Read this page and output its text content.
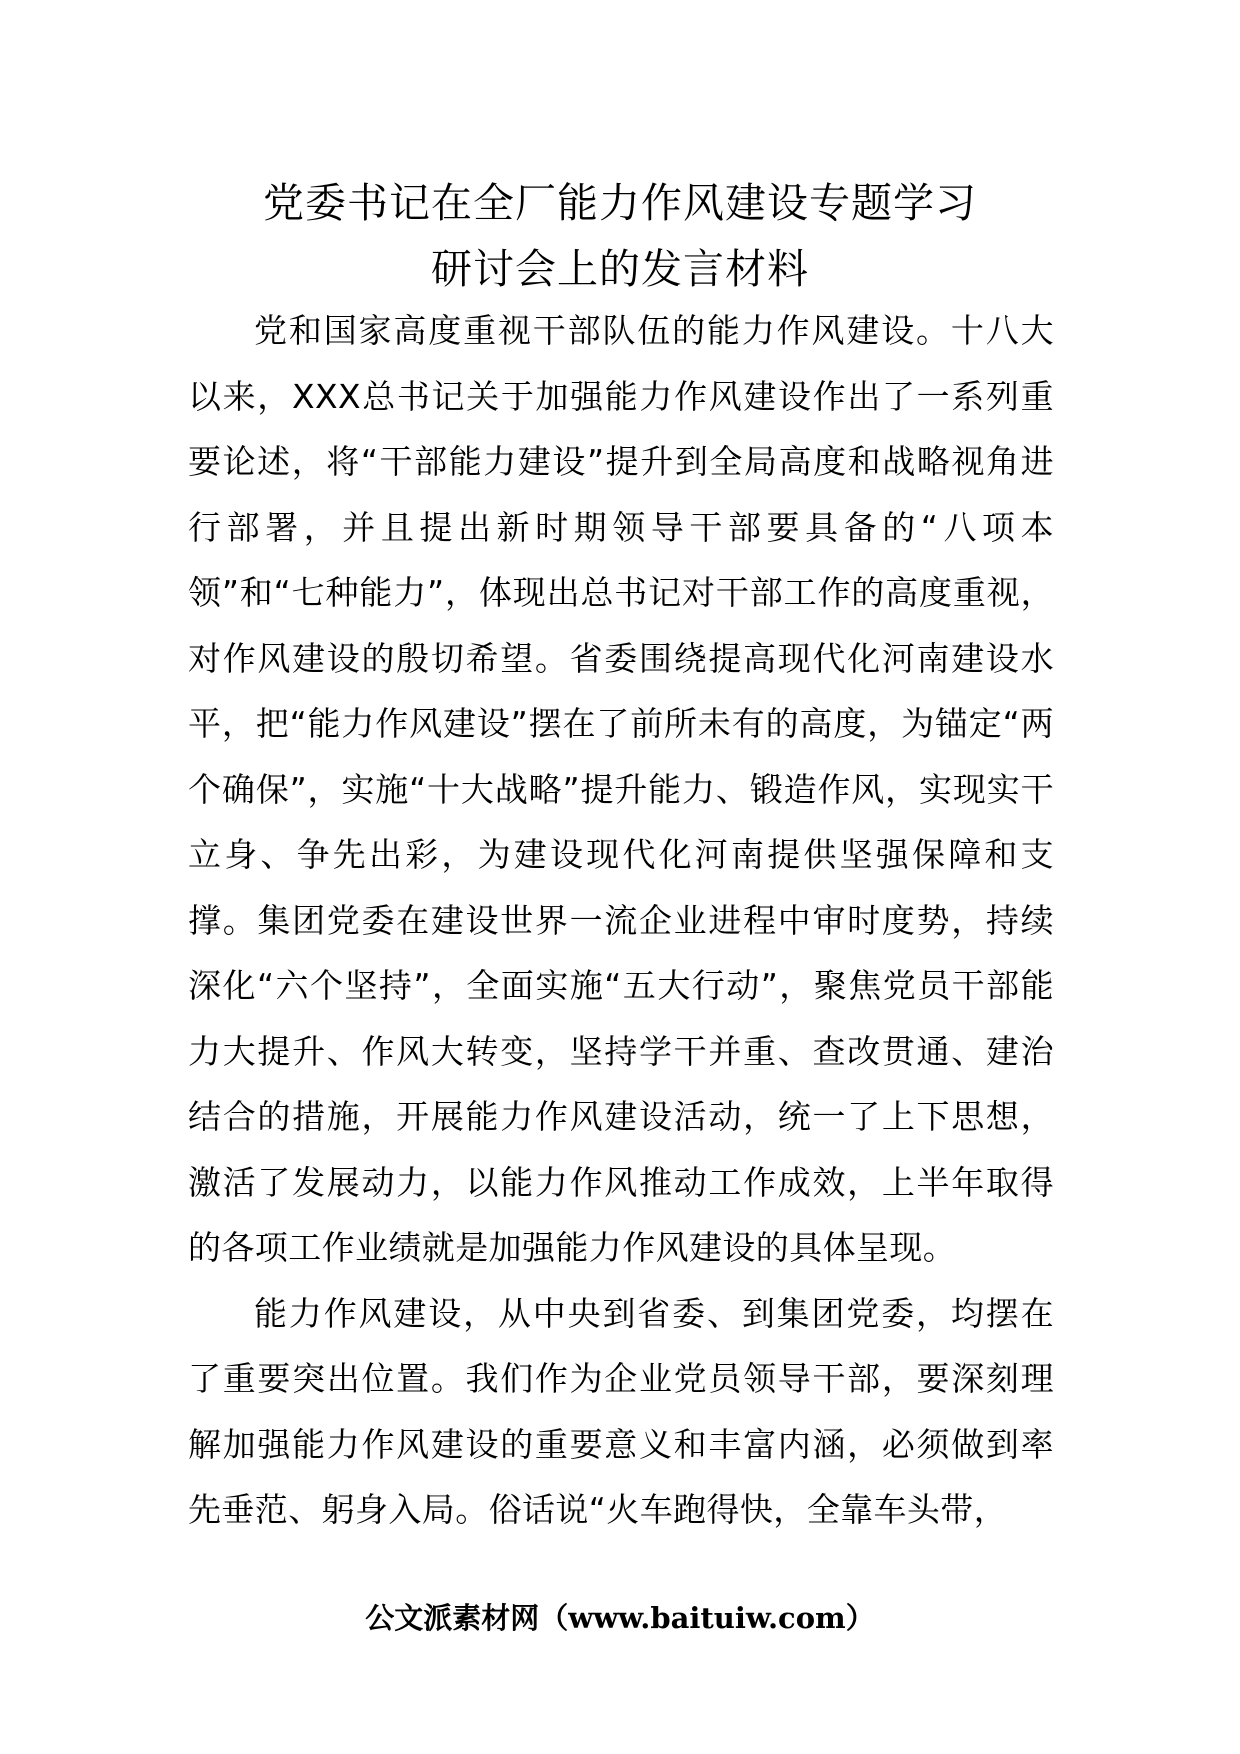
党委书记在全厂能力作风建设专题学习
研讨会上的发言材料

党和国家高度重视干部队伍的能力作风建设。十八大以来，XXX总书记关于加强能力作风建设作出了一系列重要论述，将“干部能力建设”提升到全局高度和战略视角进行部署，并且提出新时期领导干部要具备的“八项本领”和“七种能力”，体现出总书记对干部工作的高度重视，对作风建设的殷切希望。省委围绕提高现代化河南建设水平，把“能力作风建设”摆在了前所未有的高度，为锚定“两个确保”，实施“十大战略”提升能力、锻造作风，实现实干立身、争先出彩，为建设现代化河南提供坚强保障和支撑。集团党委在建设世界一流企业进程中审时度势，持续深化“六个坚持”，全面实施“五大行动”，聚焦党员干部能力大提升、作风大转变，坚持学干并重、查改贯通、建治结合的措施，开展能力作风建设活动，统一了上下思想，激活了发展动力，以能力作风推动工作成效，上半年取得的各项工作业绩就是加强能力作风建设的具体呈现。

能力作风建设，从中央到省委、到集团党委，均摆在了重要突出位置。我们作为企业党员领导干部，要深刻理解加强能力作风建设的重要意义和丰富内涵，必须做到率先垂范、躬身入局。俗话说“火车跑得快，全靠车头带，

公文派素材网（www.baituiw.com）
